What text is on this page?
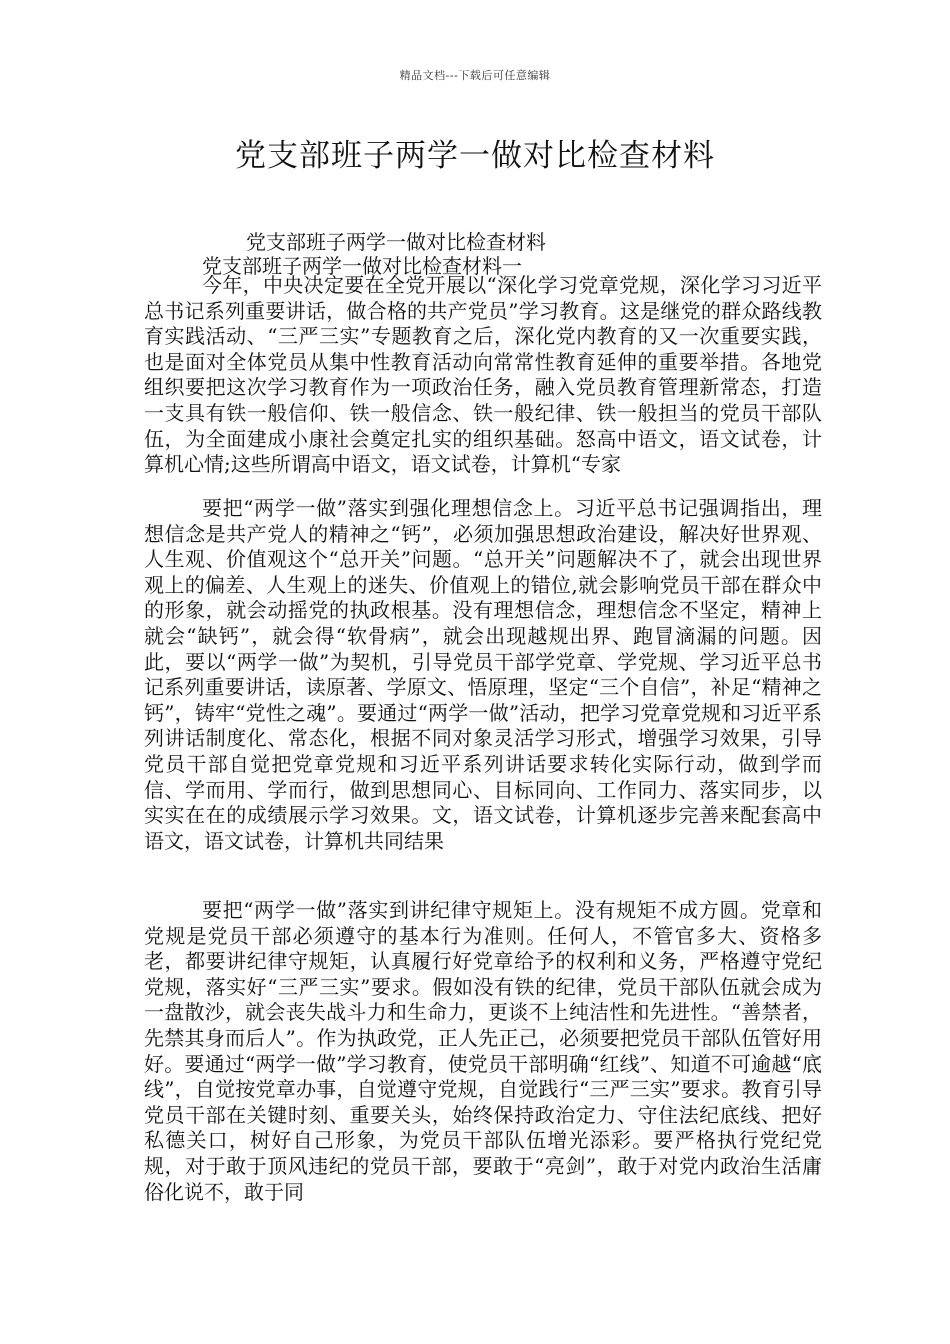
精品文档---下载后可任意编辑
党支部班子两学一做对比检查材料

党支部班子两学一做对比检查材料

党支部班子两学一做对比检查材料一

今年，中央决定要在全党开展以“深化学习党章党规，深化学习习近平总书记系列重要讲话，做合格的共产党员”学习教育。这是继党的群众路线教育实践活动、“三严三实”专题教育之后，深化党内教育的又一次重要实践，也是面对全体党员从集中性教育活动向常常性教育延伸的重要举措。各地党组织要把这次学习教育作为一项政治任务，融入党员教育管理新常态，打造一支具有铁一般信仰、铁一般信念、铁一般纪律、铁一般担当的党员干部队伍，为全面建成小康社会奠定扎实的组织基础。怒高中语文，语文试卷，计算机心情;这些所谓高中语文，语文试卷，计算机“专家

要把“两学一做”落实到强化理想信念上。习近平总书记强调指出，理想信念是共产党人的精神之“钙”，必须加强思想政治建设，解决好世界观、人生观、价值观这个“总开关”问题。“总开关”问题解决不了，就会出现世界观上的偏差、人生观上的迷失、价值观上的错位,就会影响党员干部在群众中的形象，就会动摇党的执政根基。没有理想信念，理想信念不坚定，精神上就会“缺钙”，就会得“软骨病”，就会出现越规出界、跑冒滴漏的问题。因此，要以“两学一做”为契机，引导党员干部学党章、学党规、学习近平总书记系列重要讲话，读原著、学原文、悟原理，坚定“三个自信”，补足“精神之钙”，铸牢“党性之魂”。要通过“两学一做”活动，把学习党章党规和习近平系列讲话制度化、常态化，根据不同对象灵活学习形式，增强学习效果，引导党员干部自觉把党章党规和习近平系列讲话要求转化实际行动，做到学而信、学而用、学而行，做到思想同心、目标同向、工作同力、落实同步，以实实在在的成绩展示学习效果。文，语文试卷，计算机逐步完善来配套高中语文，语文试卷，计算机共同结果

要把“两学一做”落实到讲纪律守规矩上。没有规矩不成方圆。党章和党规是党员干部必须遵守的基本行为准则。任何人，不管官多大、资格多老，都要讲纪律守规矩，认真履行好党章给予的权利和义务，严格遵守党纪党规，落实好“三严三实”要求。假如没有铁的纪律，党员干部队伍就会成为一盘散沙，就会丧失战斗力和生命力，更谈不上纯洁性和先进性。“善禁者，先禁其身而后人”。作为执政党，正人先正己，必须要把党员干部队伍管好用好。要通过“两学一做”学习教育，使党员干部明确“红线”、知道不可逾越“底线”，自觉按党章办事，自觉遵守党规，自觉践行“三严三实”要求。教育引导党员干部在关键时刻、重要关头，始终保持政治定力、守住法纪底线、把好私德关口，树好自己形象，为党员干部队伍增光添彩。要严格执行党纪党规，对于敢于顶风违纪的党员干部，要敢于“亮剑”，敢于对党内政治生活庸俗化说不，敢于同
